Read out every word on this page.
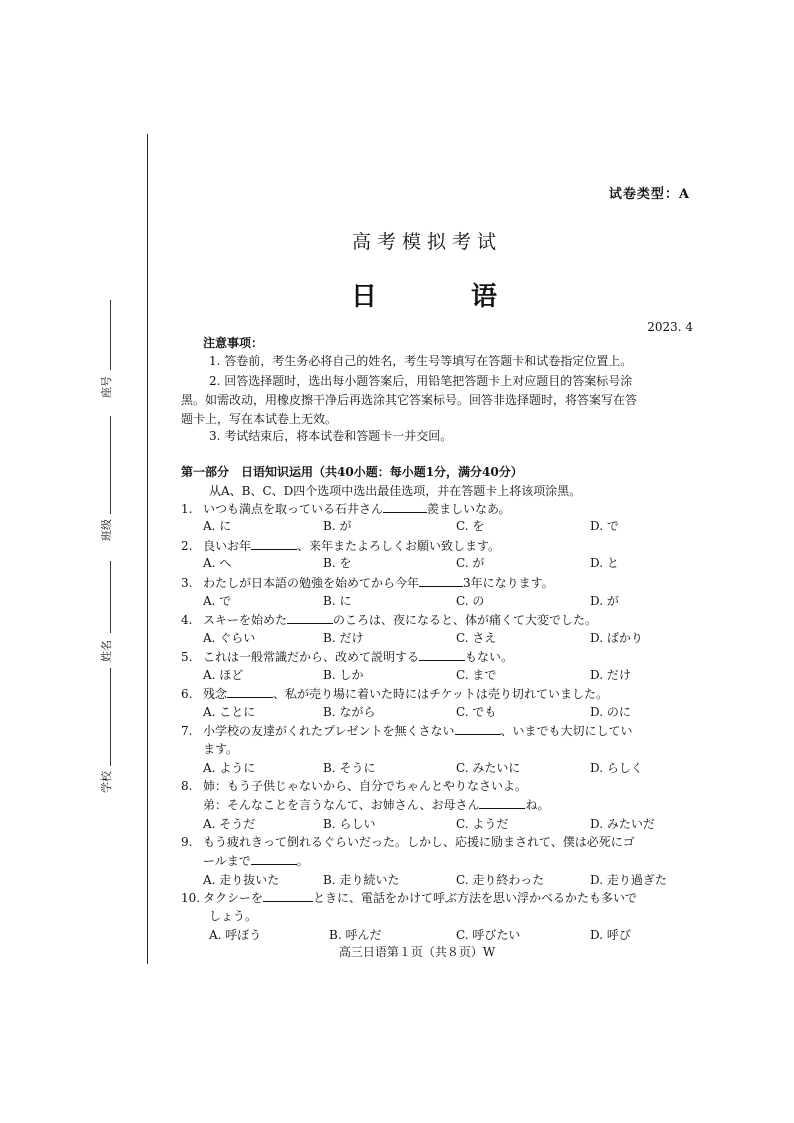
座号
班级
姓名
学校
试卷类型：A
高考模拟考试
日　语
2023. 4
注意事项：
1. 答卷前，考生务必将自己的姓名，考生号等填写在答题卡和试卷指定位置上。
2. 回答选择题时，选出每小题答案后，用铅笔把答题卡上对应题目的答案标号涂
黑。如需改动，用橡皮擦干净后再选涂其它答案标号。回答非选择题时，将答案写在答
题卡上，写在本试卷上无效。
3. 考试结束后，将本试卷和答题卡一并交回。
第一部分　日语知识运用（共40小题：每小题1分，满分40分）
从A、B、C、D四个选项中选出最佳选项，并在答题卡上将该项涂黑。
1. いつも満点を取っている石井さん	羨ましいなあ。
A. に	B. が	C. を	D. で
2. 良いお年	、来年またよろしくお願い致します。
A. へ	B. を	C. が	D. と
3. わたしが日本語の勉強を始めてから今年	3年になります。
A. で	B. に	C. の	D. が
4. スキーを始めた	のころは、夜になると、体が痛くて大変でした。
A. ぐらい	B. だけ	C. さえ	D. ばかり
5. これは一般常識だから、改めて説明する	もない。
A. ほど	B. しか	C. まで	D. だけ
6. 残念	、私が売り場に着いた時にはチケットは売り切れていました。
A. ことに	B. ながら	C. でも	D. のに
7. 小学校の友達がくれたプレゼントを無くさない	、いまでも大切にしてい
ます。
A. ように	B. そうに	C. みたいに	D. らしく
8. 姉：もう子供じゃないから、自分でちゃんとやりなさいよ。
弟：そんなことを言うなんて、お姉さん、お母さん	ね。
A. そうだ	B. らしい	C. ようだ	D. みたいだ
9. もう疲れきって倒れるぐらいだった。しかし、応援に励まされて、僕は必死にゴ
ールまで	。
A. 走り抜いた	B. 走り続いた	C. 走り終わった	D. 走り過ぎた
10. タクシーを	ときに、電話をかけて呼ぶ方法を思い浮かべるかたも多いで
しょう。
A. 呼ぼう	B. 呼んだ	C. 呼びたい	D. 呼び
高三日语第１页（共８页）W
